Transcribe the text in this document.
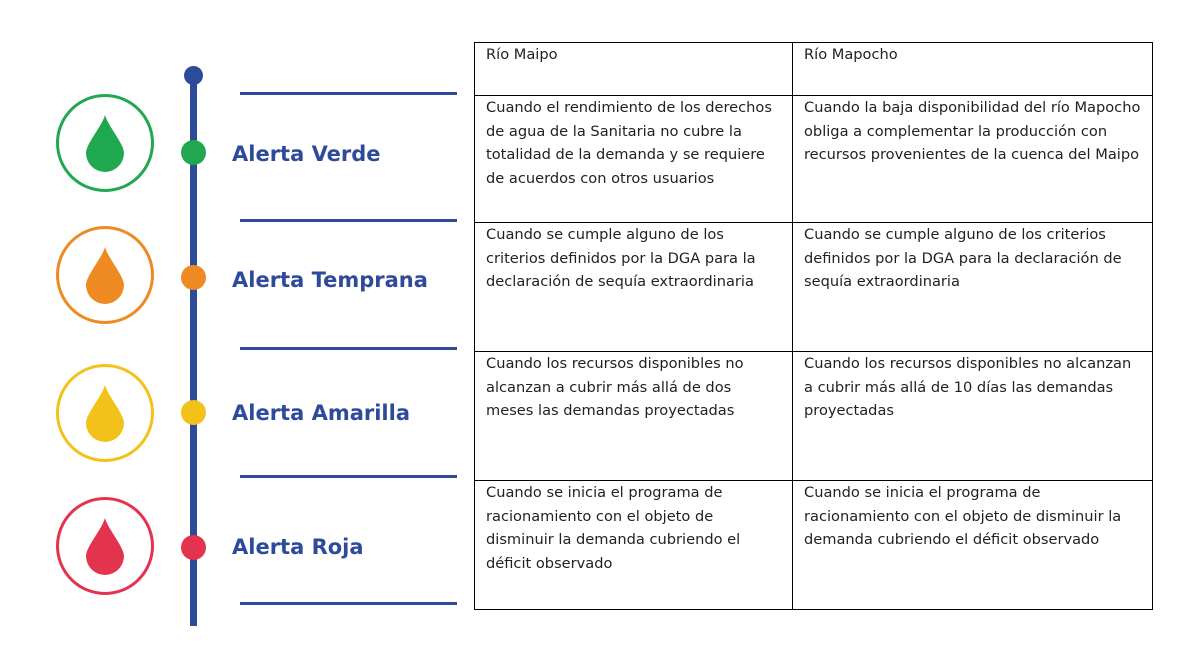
Alerta Verde
Alerta Temprana
Alerta Amarilla
Alerta Roja
Río Maipo	Río Mapocho
Cuando el rendimiento de los derechos de agua de la Sanitaria no cubre la totalidad de la demanda y se requiere de acuerdos con otros usuarios	Cuando la baja disponibilidad del río Mapocho obliga a complementar la producción con recursos provenientes de la cuenca del Maipo
Cuando se cumple alguno de los criterios definidos por la DGA para la declaración de sequía extraordinaria	Cuando se cumple alguno de los criterios definidos por la DGA para la declaración de sequía extraordinaria
Cuando los recursos disponibles no alcanzan a cubrir más allá de dos meses las demandas proyectadas	Cuando los recursos disponibles no alcanzan a cubrir más allá de 10 días las demandas proyectadas
Cuando se inicia el programa de racionamiento con el objeto de disminuir la demanda cubriendo el déficit observado	Cuando se inicia el programa de racionamiento con el objeto de disminuir la demanda cubriendo el déficit observado
